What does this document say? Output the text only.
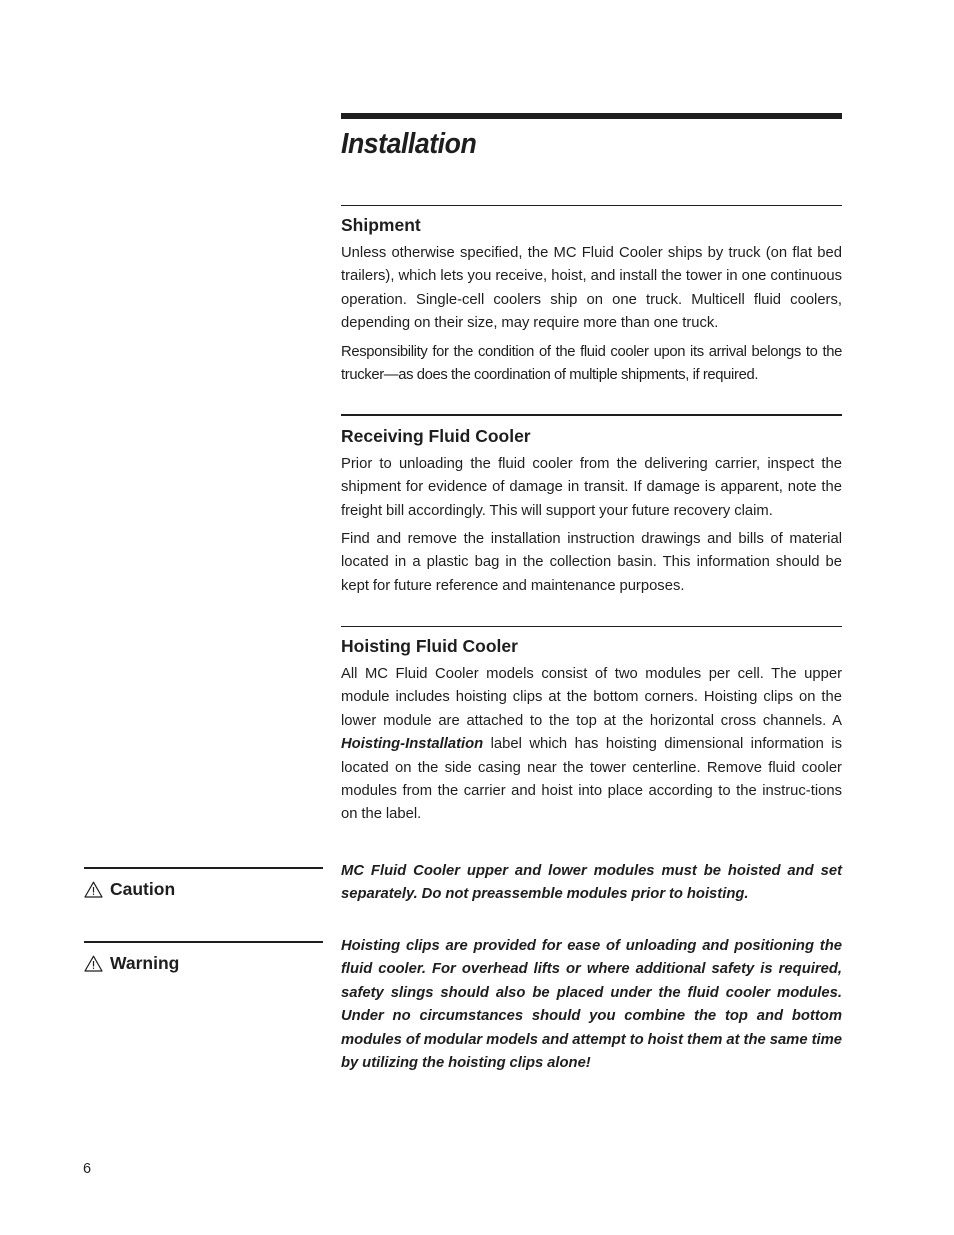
Installation
Shipment

Unless otherwise specified, the MC Fluid Cooler ships by truck (on flat bed trailers), which lets you receive, hoist, and install the tower in one continuous operation. Single-cell coolers ship on one truck. Multicell fluid coolers, depending on their size, may require more than one truck.

Responsibility for the condition of the fluid cooler upon its arrival belongs to the trucker—as does the coordination of multiple shipments, if required.

Receiving Fluid Cooler

Prior to unloading the fluid cooler from the delivering carrier, inspect the shipment for evidence of damage in transit. If damage is apparent, note the freight bill accordingly. This will support your future recovery claim.

Find and remove the installation instruction drawings and bills of material located in a plastic bag in the collection basin. This information should be kept for future reference and maintenance purposes.

Hoisting Fluid Cooler

All MC Fluid Cooler models consist of two modules per cell. The upper module includes hoisting clips at the bottom corners. Hoisting clips on the lower module are attached to the top at the horizontal cross channels. A Hoisting-Installation label which has hoisting dimensional information is located on the side casing near the tower centerline. Remove fluid cooler modules from the carrier and hoist into place according to the instruc-tions on the label.

Caution

MC Fluid Cooler upper and lower modules must be hoisted and set separately. Do not preassemble modules prior to hoisting.

Warning

Hoisting clips are provided for ease of unloading and positioning the fluid cooler. For overhead lifts or where additional safety is required, safety slings should also be placed under the fluid cooler modules. Under no circumstances should you combine the top and bottom modules of modular models and attempt to hoist them at the same time by utilizing the hoisting clips alone!

6
